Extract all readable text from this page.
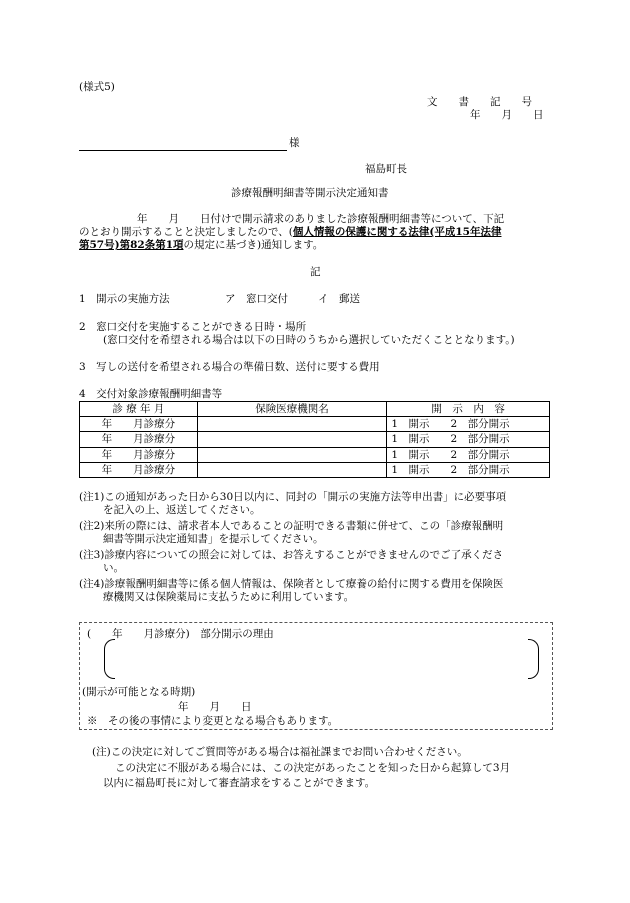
(様式5)
文　　書　　記　　号
年　　月　　日
様
福島町長
診療報酬明細書等開示決定通知書
年　　月　　日付けで開示請求のありました診療報酬明細書等について、下記
のとおり開示することと決定しましたので、(個人情報の保護に関する法律(平成15年法律
第57号)第82条第1項の規定に基づき)通知します。
記
1　開示の実施方法	ア　窓口交付	イ　郵送
2　窓口交付を実施することができる日時・場所
(窓口交付を希望される場合は以下の日時のうちから選択していただくこととなります。)
3　写しの送付を希望される場合の準備日数、送付に要する費用
4　交付対象診療報酬明細書等
診 療 年 月	保険医療機関名	開　示　内　容
年　　月診療分		1　開示　　2　部分開示
年　　月診療分		1　開示　　2　部分開示
年　　月診療分		1　開示　　2　部分開示
年　　月診療分		1　開示　　2　部分開示
(注1)この通知があった日から30日以内に、同封の「開示の実施方法等申出書」に必要事項
を記入の上、返送してください。
(注2)来所の際には、請求者本人であることの証明できる書類に併せて、この「診療報酬明
細書等開示決定通知書」を提示してください。
(注3)診療内容についての照会に対しては、お答えすることができませんのでご了承くださ
い。
(注4)診療報酬明細書等に係る個人情報は、保険者として療養の給付に関する費用を保険医
療機関又は保険薬局に支払うために利用しています。
(　　年　　月診療分)　部分開示の理由
(開示が可能となる時期)
年　　月　　日
※　その後の事情により変更となる場合もあります。
(注)この決定に対してご質問等がある場合は福祉課までお問い合わせください。
この決定に不服がある場合には、この決定があったことを知った日から起算して3月
以内に福島町長に対して審査請求をすることができます。
